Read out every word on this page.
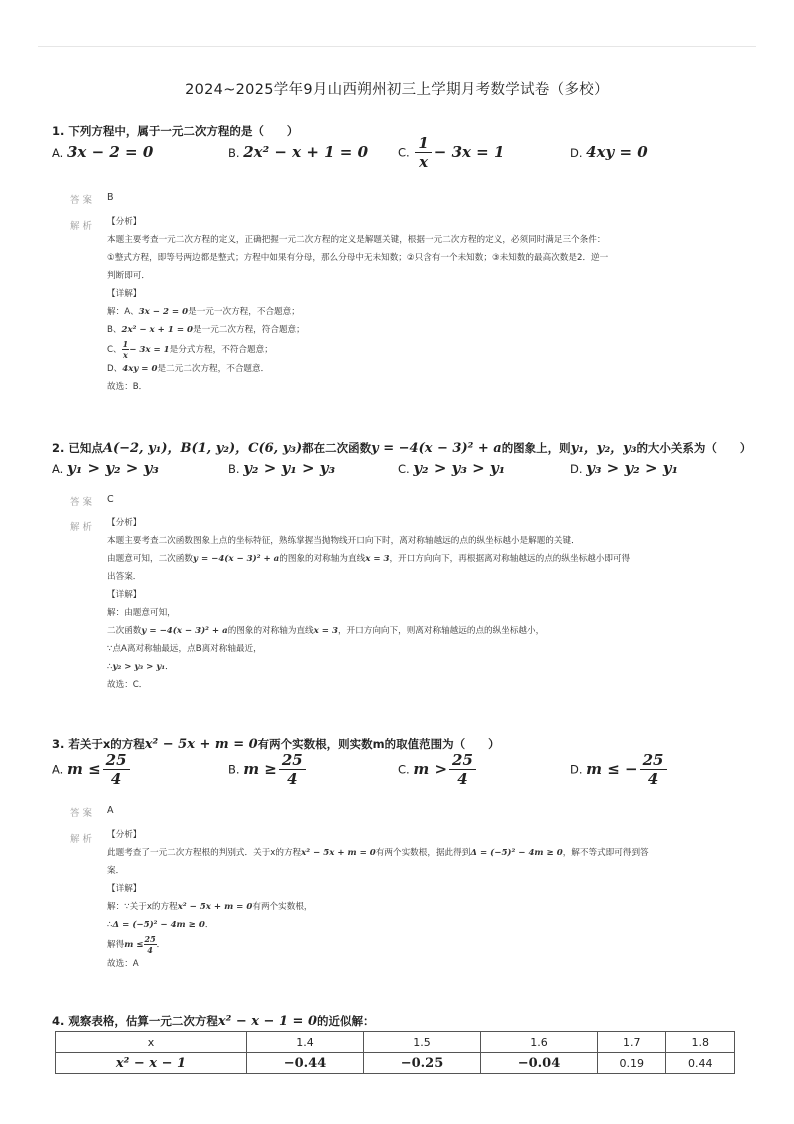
2024~2025学年9月山西朔州初三上学期月考数学试卷（多校）
1. 下列方程中，属于一元二次方程的是（　　）
A. 3x − 2 = 0	B. 2x² − x + 1 = 0	C. $\frac{1}{x} - 3x = 1$	D. 4xy = 0
答案 B
解析 【分析】
本题主要考查一元二次方程的定义，正确把握一元二次方程的定义是解题关键，根据一元二次方程的定义，必须同时满足三个条件：
①整式方程，即等号两边都是整式；方程中如果有分母，那么分母中无未知数；②只含有一个未知数；③未知数的最高次数是2．逆一
判断即可．
【详解】
解：A、3x − 2 = 0是一元一次方程，不合题意；
B、2x² − x + 1 = 0是一元二次方程，符合题意；
C、 $\frac{1}{x} - 3x = 1$是分式方程，不符合题意；
D、4xy = 0是二元二次方程，不合题意．
故选：B．
2. 已知点A(−2, y₁)，B(1, y₂)，C(6, y₃)都在二次函数y = −4(x − 3)² + a的图象上，则y₁，y₂，y₃的大小关系为（　　）
A. y₁ > y₂ > y₃	B. y₂ > y₁ > y₃	C. y₂ > y₃ > y₁	D. y₃ > y₂ > y₁
答案 C
解析 【分析】
本题主要考查二次函数图象上点的坐标特征，熟练掌握当抛物线开口向下时，离对称轴越远的点的纵坐标越小是解题的关键．
由题意可知，二次函数y = −4(x − 3)² + a的图象的对称轴为直线x = 3，开口方向向下，再根据离对称轴越远的点的纵坐标越小即可得
出答案．
【详解】
解：由题意可知，
二次函数y = −4(x − 3)² + a的图象的对称轴为直线x = 3，开口方向向下，则离对称轴越远的点的纵坐标越小，
∵点A离对称轴最远，点B离对称轴最近，
∴y₂ > y₃ > y₁．
故选：C．
3. 若关于x的方程x² − 5x + m = 0有两个实数根，则实数m的取值范围为（　　）
A. $m \le \frac{25}{4}$	B. $m \ge \frac{25}{4}$	C. $m > \frac{25}{4}$	D. m ≤ − $\frac{25}{4}$
答案 A
解析 【分析】
此题考查了一元二次方程根的判别式．关于x的方程x² − 5x + m = 0有两个实数根，据此得到Δ = (−5)² − 4m ≥ 0，解不等式即可得到答
案．
【详解】
解：∵关于x的方程x² − 5x + m = 0有两个实数根，
∴Δ = (−5)² − 4m ≥ 0．
解得$m \le \frac{25}{4}$ ．
故选：A
4. 观察表格，估算一元二次方程x² − x − 1 = 0的近似解：
x	1.4	1.5	1.6	1.7	1.8
x² − x − 1	−0.44	−0.25	−0.04	0.19	0.44
